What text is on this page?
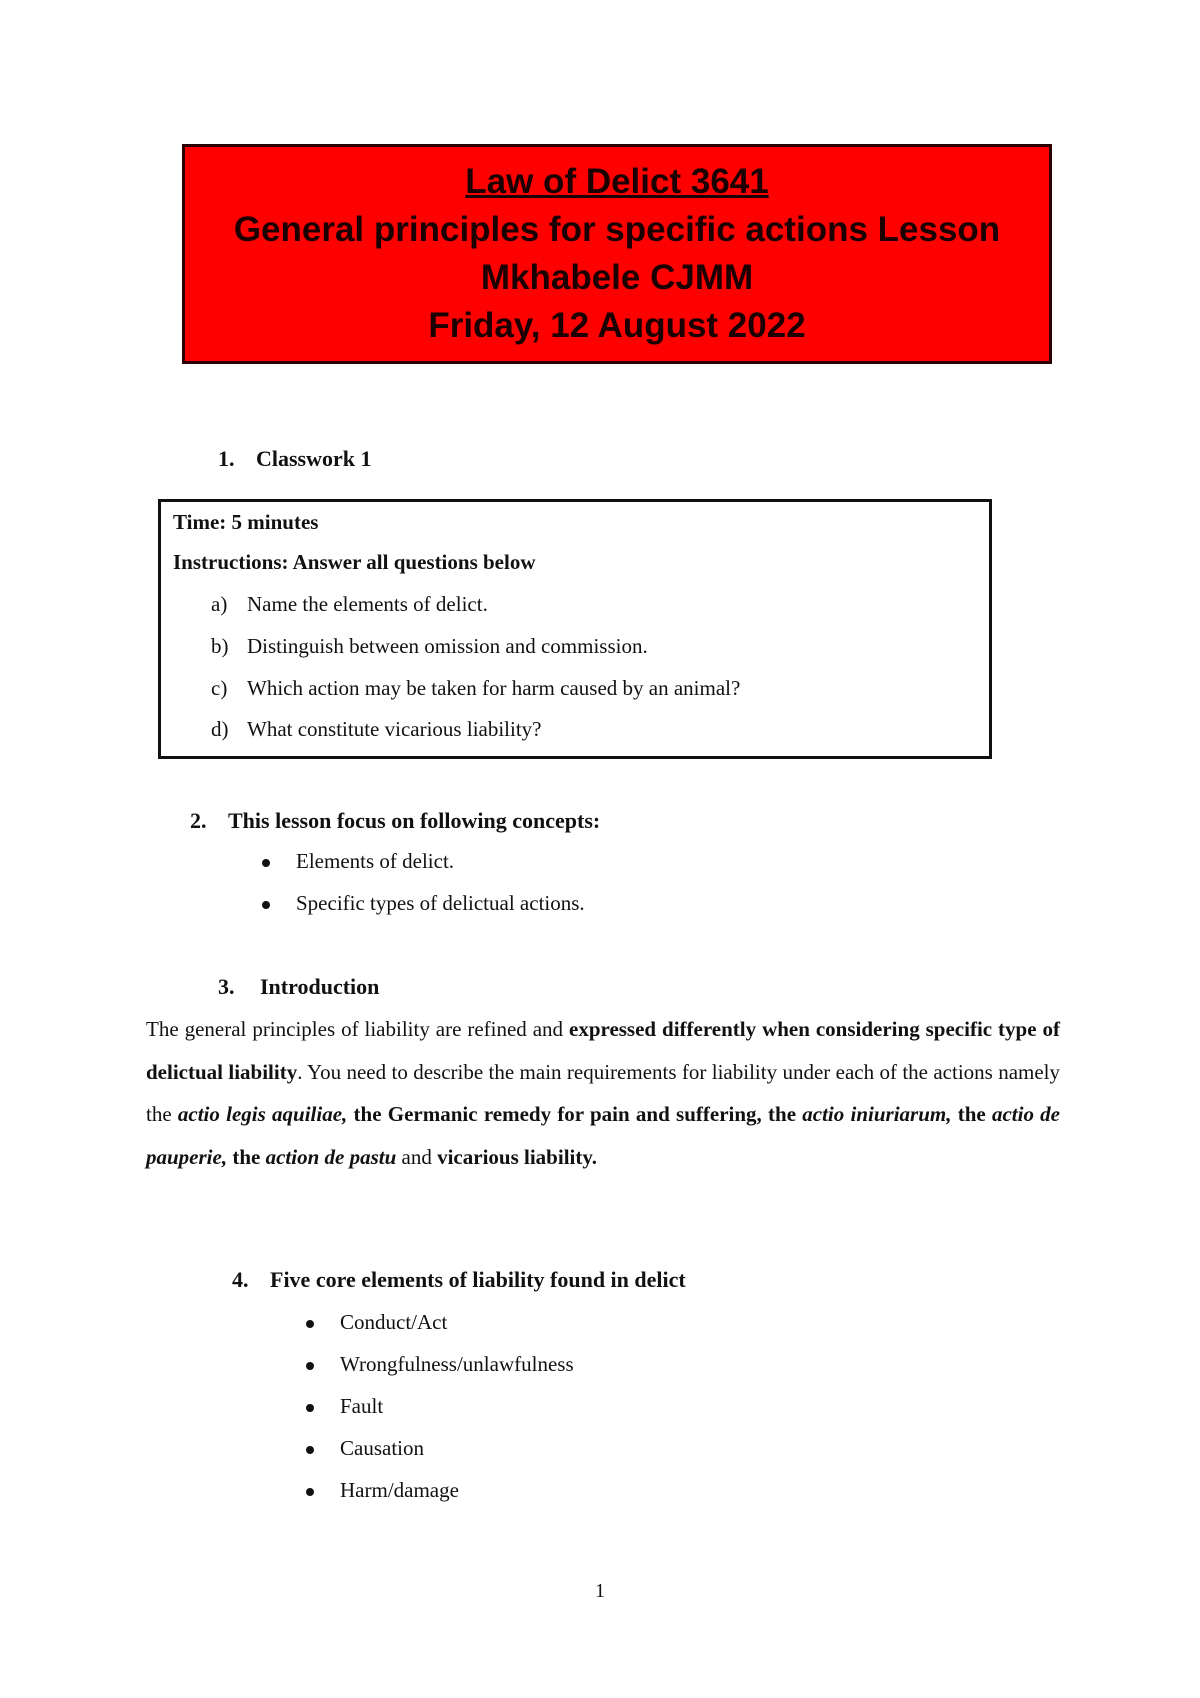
Law of Delict 3641
General principles for specific actions Lesson
Mkhabele CJMM
Friday, 12 August 2022
1. Classwork 1
Time: 5 minutes
Instructions: Answer all questions below
a) Name the elements of delict.
b) Distinguish between omission and commission.
c) Which action may be taken for harm caused by an animal?
d) What constitute vicarious liability?
2. This lesson focus on following concepts:
Elements of delict.
Specific types of delictual actions.
3. Introduction
The general principles of liability are refined and expressed differently when considering specific type of delictual liability. You need to describe the main requirements for liability under each of the actions namely the actio legis aquiliae, the Germanic remedy for pain and suffering, the actio iniuriarum, the actio de pauperie, the action de pastu and vicarious liability.
4. Five core elements of liability found in delict
Conduct/Act
Wrongfulness/unlawfulness
Fault
Causation
Harm/damage
1
